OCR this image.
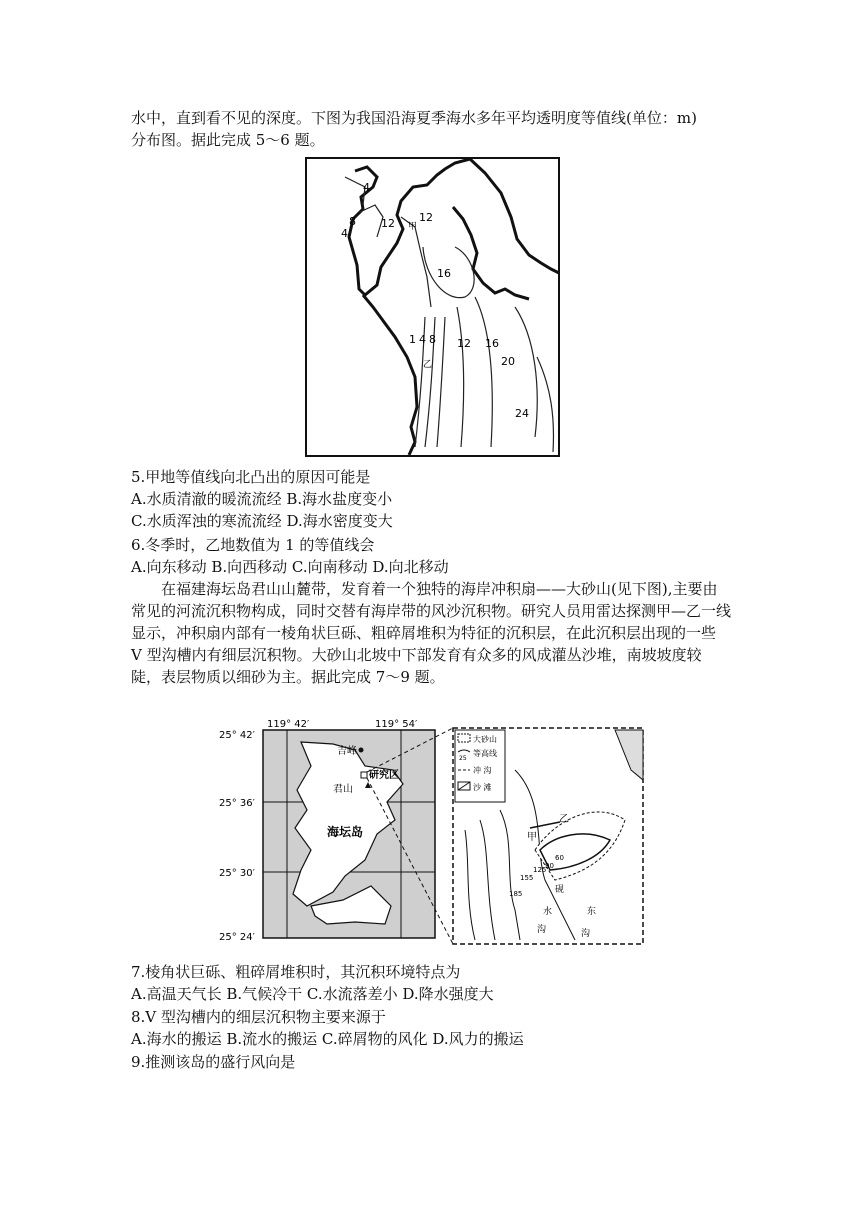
水中，直到看不见的深度。下图为我国沿海夏季海水多年平均透明度等值线(单位：m)
分布图。据此完成 5～6 题。
4
8
4
12 12
甲
16
1 4 8 12 16
20
24
乙
5.甲地等值线向北凸出的原因可能是
A.水质清澈的暖流流经 B.海水盐度变小
C.水质浑浊的寒流流经 D.海水密度变大
6.冬季时，乙地数值为 1 的等值线会
A.向东移动 B.向西移动 C.向南移动 D.向北移动
在福建海坛岛君山山麓带，发育着一个独特的海岸冲积扇——大砂山(见下图),主要由常见的河流沉积物构成，同时交替有海岸带的风沙沉积物。研究人员用雷达探测甲—乙一线显示，冲积扇内部有一棱角状巨砾、粗碎屑堆积为特征的沉积层，在此沉积层出现的一些 V 型沟槽内有细层沉积物。大砂山北坡中下部发育有众多的风成灌丛沙堆，南坡坡度较陡，表层物质以细砂为主。据此完成 7～9 题。
119° 42′	119° 54′
25° 42′
25° 36′
25° 30′
25° 24′
吉峰
君山
研究区
海坛岛
大砂山
25
等高线
冲 沟
沙 滩
甲
乙
155
125
90
60
185	砚
水
沟
东
沟
7.棱角状巨砾、粗碎屑堆积时，其沉积环境特点为
A.高温天气长 B.气候冷干 C.水流落差小 D.降水强度大
8.V 型沟槽内的细层沉积物主要来源于
A.海水的搬运 B.流水的搬运 C.碎屑物的风化 D.风力的搬运
9.推测该岛的盛行风向是
